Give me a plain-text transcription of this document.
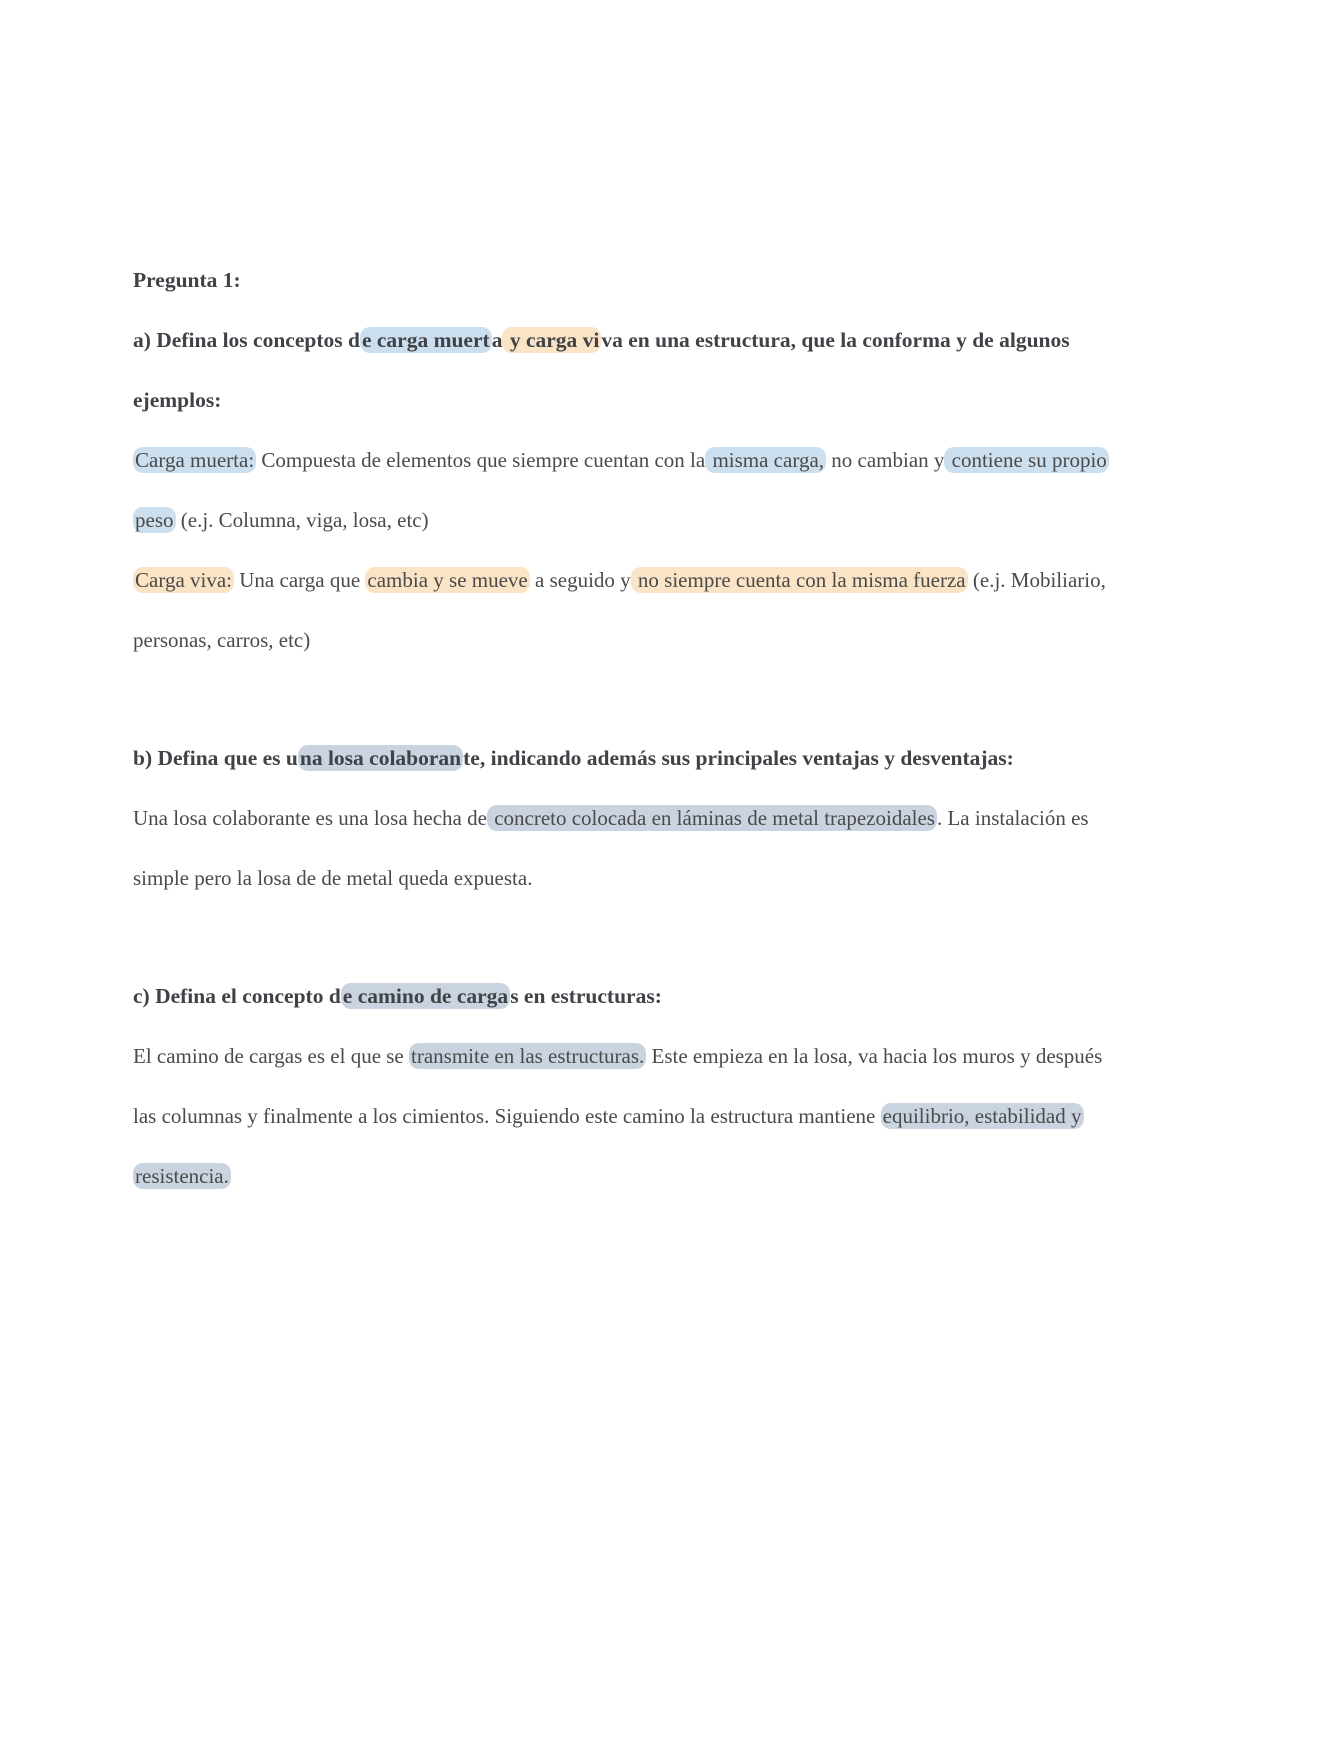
Pregunta 1:
a) Defina los conceptos de carga muerta y carga viva en una estructura, que la conforma y de algunos
ejemplos:
Carga muerta: Compuesta de elementos que siempre cuentan con la misma carga, no cambian y contiene su propio
peso (e.j. Columna, viga, losa, etc)
Carga viva: Una carga que cambia y se mueve a seguido y no siempre cuenta con la misma fuerza (e.j. Mobiliario,
personas, carros, etc)
b) Defina que es una losa colaborante, indicando además sus principales ventajas y desventajas:
Una losa colaborante es una losa hecha de concreto colocada en láminas de metal trapezoidales. La instalación es
simple pero la losa de de metal queda expuesta.
c) Defina el concepto de camino de cargas en estructuras:
El camino de cargas es el que se transmite en las estructuras. Este empieza en la losa, va hacia los muros y después
las columnas y finalmente a los cimientos. Siguiendo este camino la estructura mantiene equilibrio, estabilidad y
resistencia.
